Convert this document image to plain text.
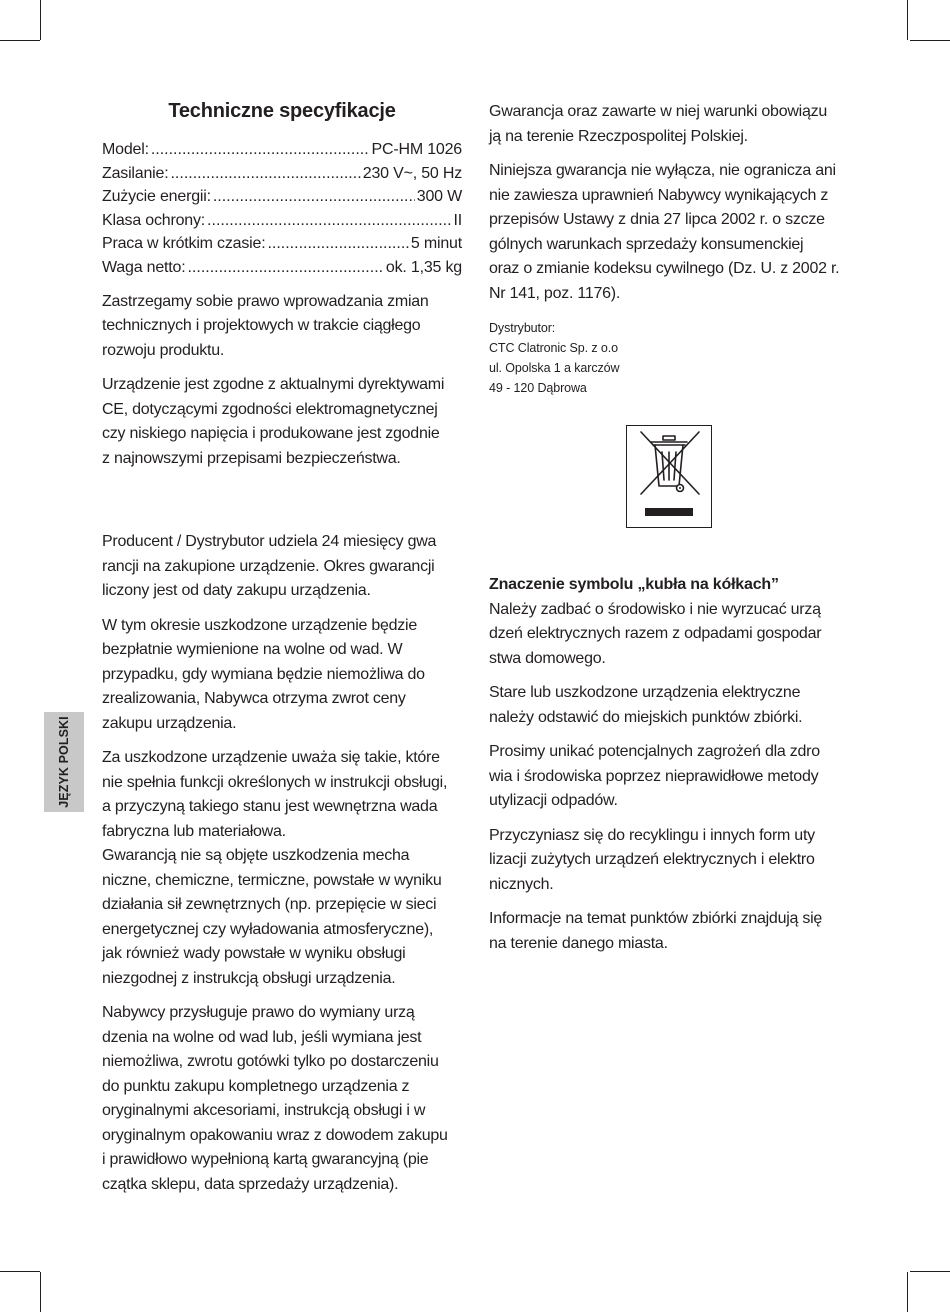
Techniczne specyfikacje
Model: .....	PC-HM 1026
Zasilanie: .....	230 V~, 50 Hz
Zużycie energii: .....	300 W
Klasa ochrony: .....	II
Praca w krótkim czasie: .....	5 minut
Waga netto: .....	ok. 1,35 kg

Zastrzegamy sobie prawo wprowadzania zmian
technicznych i projektowych w trakcie ciągłego
rozwoju produktu.

Urządzenie jest zgodne z aktualnymi dyrektywami
CE, dotyczącymi zgodności elektromagnetycznej
czy niskiego napięcia i produkowane jest zgodnie
z najnowszymi przepisami bezpieczeństwa.

Producent / Dystrybutor udziela 24 miesięcy gwa
rancji na zakupione urządzenie. Okres gwarancji
liczony jest od daty zakupu urządzenia.

W tym okresie uszkodzone urządzenie będzie
bezpłatnie wymienione na wolne od wad. W
przypadku, gdy wymiana będzie niemożliwa do
zrealizowania, Nabywca otrzyma zwrot ceny
zakupu urządzenia.

Za uszkodzone urządzenie uważa się takie, które
nie spełnia funkcji określonych w instrukcji obsługi,
a przyczyną takiego stanu jest wewnętrzna wada
fabryczna lub materiałowa.
Gwarancją nie są objęte uszkodzenia mecha
niczne, chemiczne, termiczne, powstałe w wyniku
działania sił zewnętrznych (np. przepięcie w sieci
energetycznej czy wyładowania atmosferyczne),
jak również wady powstałe w wyniku obsługi
niezgodnej z instrukcją obsługi urządzenia.

Nabywcy przysługuje prawo do wymiany urzą
dzenia na wolne od wad lub, jeśli wymiana jest
niemożliwa, zwrotu gotówki tylko po dostarczeniu
do punktu zakupu kompletnego urządzenia z
oryginalnymi akcesoriami, instrukcją obsługi i w
oryginalnym opakowaniu wraz z dowodem zakupu
i prawidłowo wypełnioną kartą gwarancyjną (pie
czątka sklepu, data sprzedaży urządzenia).

JĘZYK POLSKI

Gwarancja oraz zawarte w niej warunki obowiązu
ją na terenie Rzeczpospolitej Polskiej.

Niniejsza gwarancja nie wyłącza, nie ogranicza ani
nie zawiesza uprawnień Nabywcy wynikających z
przepisów Ustawy z dnia 27 lipca 2002 r. o szcze
gólnych warunkach sprzedaży konsumenckiej
oraz o zmianie kodeksu cywilnego (Dz. U. z 2002 r.
Nr 141, poz. 1176).

Dystrybutor:
CTC Clatronic Sp. z o.o
ul. Opolska 1 a karczów
49 - 120 Dąbrowa
Znaczenie symbolu „kubła na kółkach”

Należy zadbać o środowisko i nie wyrzucać urzą
dzeń elektrycznych razem z odpadami gospodar
stwa domowego.

Stare lub uszkodzone urządzenia elektryczne
należy odstawić do miejskich punktów zbiórki.

Prosimy unikać potencjalnych zagrożeń dla zdro
wia i środowiska poprzez nieprawidłowe metody
utylizacji odpadów.

Przyczyniasz się do recyklingu i innych form uty
lizacji zużytych urządzeń elektrycznych i elektro
nicznych.

Informacje na temat punktów zbiórki znajdują się
na terenie danego miasta.
